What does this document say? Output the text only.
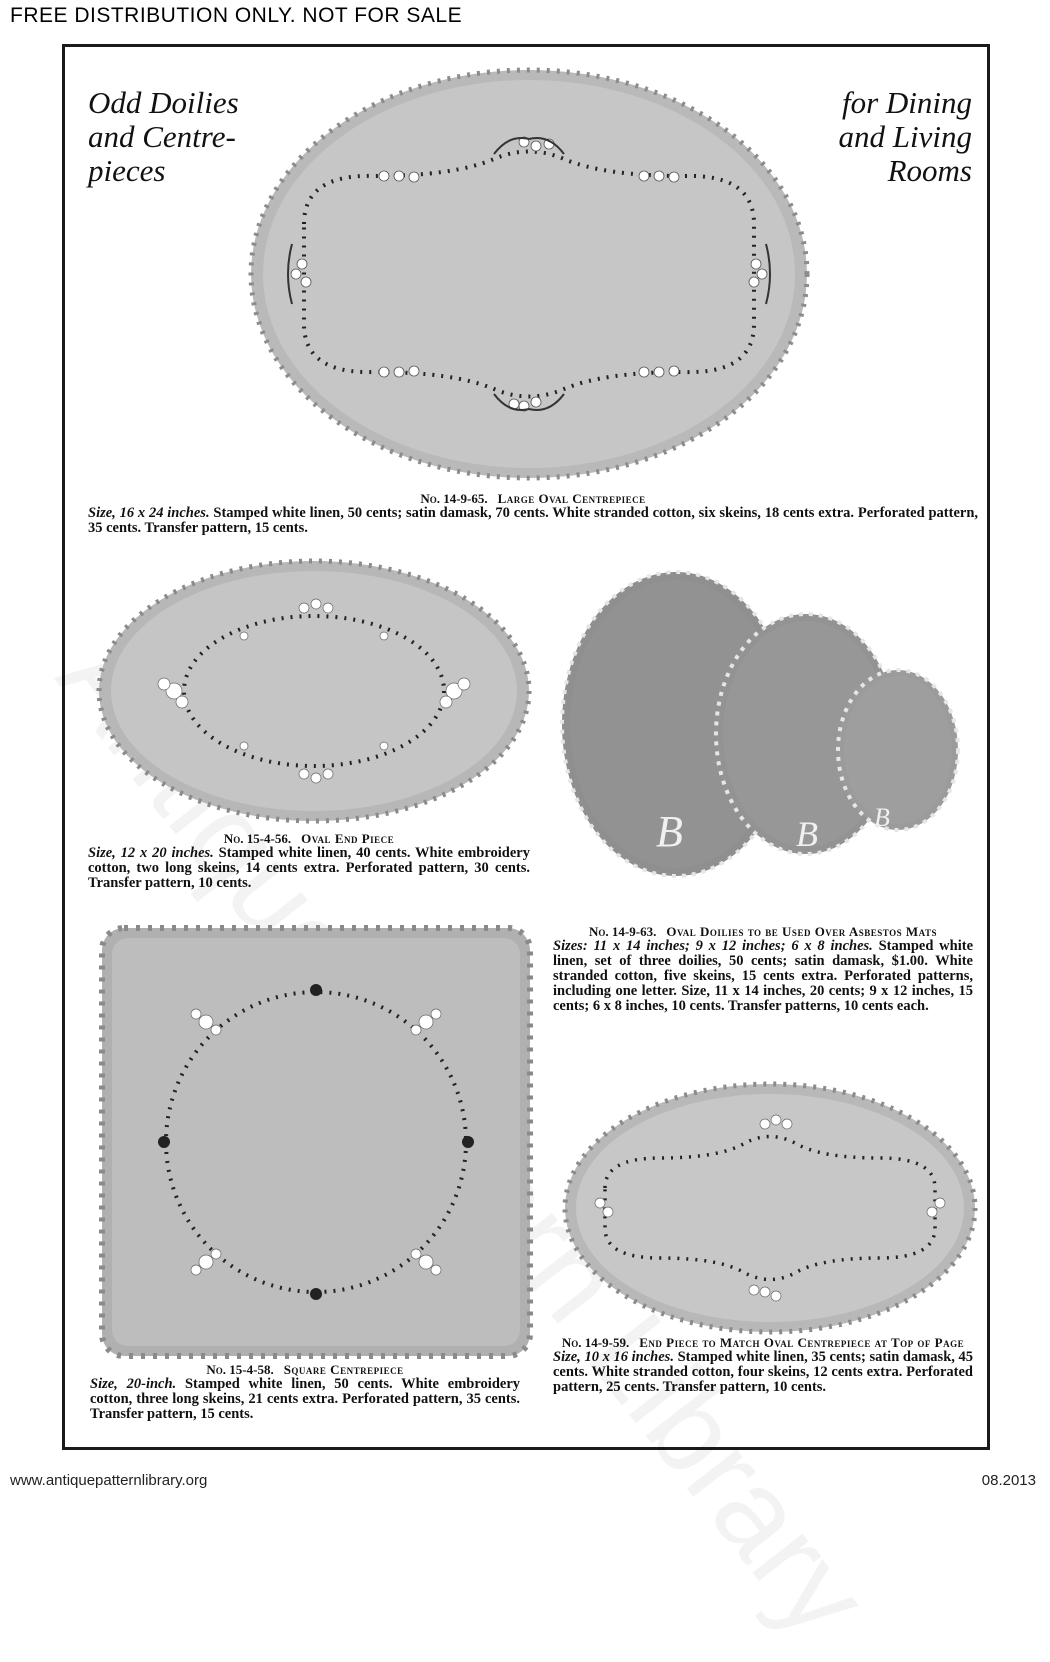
FREE DISTRIBUTION ONLY. NOT FOR SALE
Odd Doilies
and Centre-
pieces
for Dining
and Living
Rooms
No. 14-9-65. Large Oval Centrepiece
Size, 16 x 24 inches. Stamped white linen, 50 cents; satin damask, 70 cents. White stranded cotton, six skeins, 18 cents extra. Perforated pattern, 35 cents. Transfer pattern, 15 cents.
No. 15-4-56. Oval End Piece
Size, 12 x 20 inches. Stamped white linen, 40 cents. White embroidery cotton, two long skeins, 14 cents extra. Perforated pattern, 30 cents. Transfer pattern, 10 cents.
B	B B
No. 14-9-63. Oval Doilies to be Used Over Asbestos Mats
Sizes: 11 x 14 inches; 9 x 12 inches; 6 x 8 inches. Stamped white linen, set of three doilies, 50 cents; satin damask, $1.00. White stranded cotton, five skeins, 15 cents extra. Perforated patterns, including one letter. Size, 11 x 14 inches, 20 cents; 9 x 12 inches, 15 cents; 6 x 8 inches, 10 cents. Transfer patterns, 10 cents each.
No. 15-4-58. Square Centrepiece
Size, 20-inch. Stamped white linen, 50 cents. White embroidery cotton, three long skeins, 21 cents extra. Perforated pattern, 35 cents. Transfer pattern, 15 cents.
No. 14-9-59. End Piece to Match Oval Centrepiece at Top of Page
Size, 10 x 16 inches. Stamped white linen, 35 cents; satin damask, 45 cents. White stranded cotton, four skeins, 12 cents extra. Perforated pattern, 25 cents. Transfer pattern, 10 cents.
www.antiquepatternlibrary.org	08.2013
